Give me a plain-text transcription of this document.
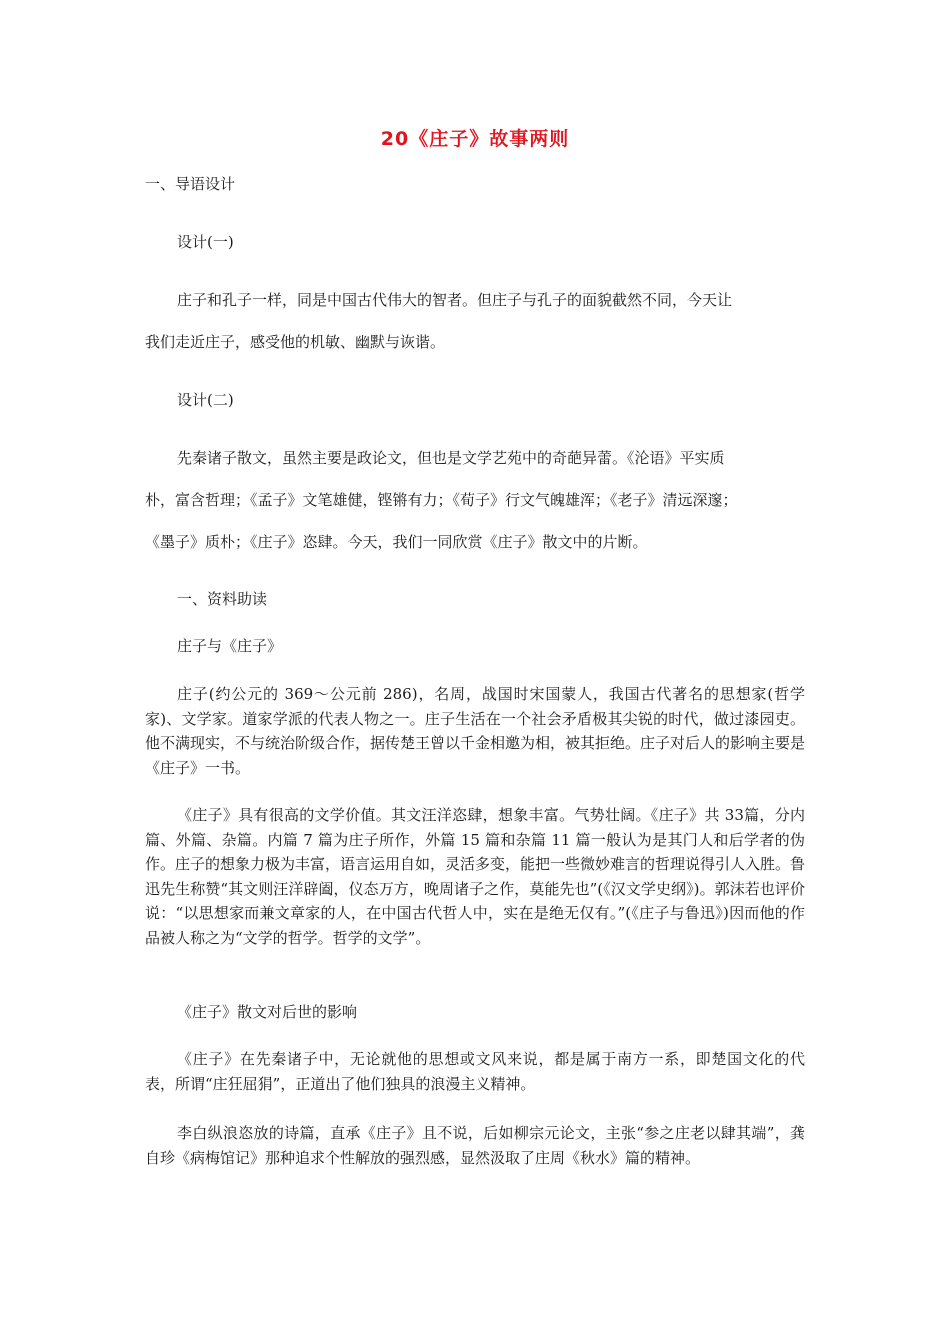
20《庄子》故事两则
一、导语设计
设计(一)
庄子和孔子一样，同是中国古代伟大的智者。但庄子与孔子的面貌截然不同，今天让
我们走近庄子，感受他的机敏、幽默与诙谐。
设计(二)
先秦诸子散文，虽然主要是政论文，但也是文学艺苑中的奇葩异蕾。《沦语》平实质
朴，富含哲理；《孟子》文笔雄健，铿锵有力；《荀子》行文气魄雄浑；《老子》清远深邃；
《墨子》质朴；《庄子》恣肆。今天，我们一同欣赏《庄子》散文中的片断。
一、资料助读
庄子与《庄子》
庄子(约公元的 369～公元前 286)，名周，战国时宋国蒙人，我国古代著名的思想家(哲学家)、文学家。道家学派的代表人物之一。庄子生活在一个社会矛盾极其尖锐的时代，做过漆园吏。他不满现实，不与统治阶级合作，据传楚王曾以千金相邀为相，被其拒绝。庄子对后人的影响主要是《庄子》一书。
《庄子》具有很高的文学价值。其文汪洋恣肆，想象丰富。气势壮阔。《庄子》共 33篇，分内篇、外篇、杂篇。内篇 7 篇为庄子所作，外篇 15 篇和杂篇 11 篇一般认为是其门人和后学者的伪作。庄子的想象力极为丰富，语言运用自如，灵活多变，能把一些微妙难言的哲理说得引人入胜。鲁迅先生称赞“其文则汪洋辟阖，仪态万方，晚周诸子之作，莫能先也”(《汉文学史纲》)。郭沫若也评价说：“以思想家而兼文章家的人，在中国古代哲人中，实在是绝无仅有。”(《庄子与鲁迅》)因而他的作品被人称之为“文学的哲学。哲学的文学”。
《庄子》散文对后世的影响
《庄子》在先秦诸子中，无论就他的思想或文风来说，都是属于南方一系，即楚国文化的代表，所谓“庄狂屈狷”，正道出了他们独具的浪漫主义精神。
李白纵浪恣放的诗篇，直承《庄子》且不说，后如柳宗元论文，主张“参之庄老以肆其端”，龚自珍《病梅馆记》那种追求个性解放的强烈感，显然汲取了庄周《秋水》篇的精神。
